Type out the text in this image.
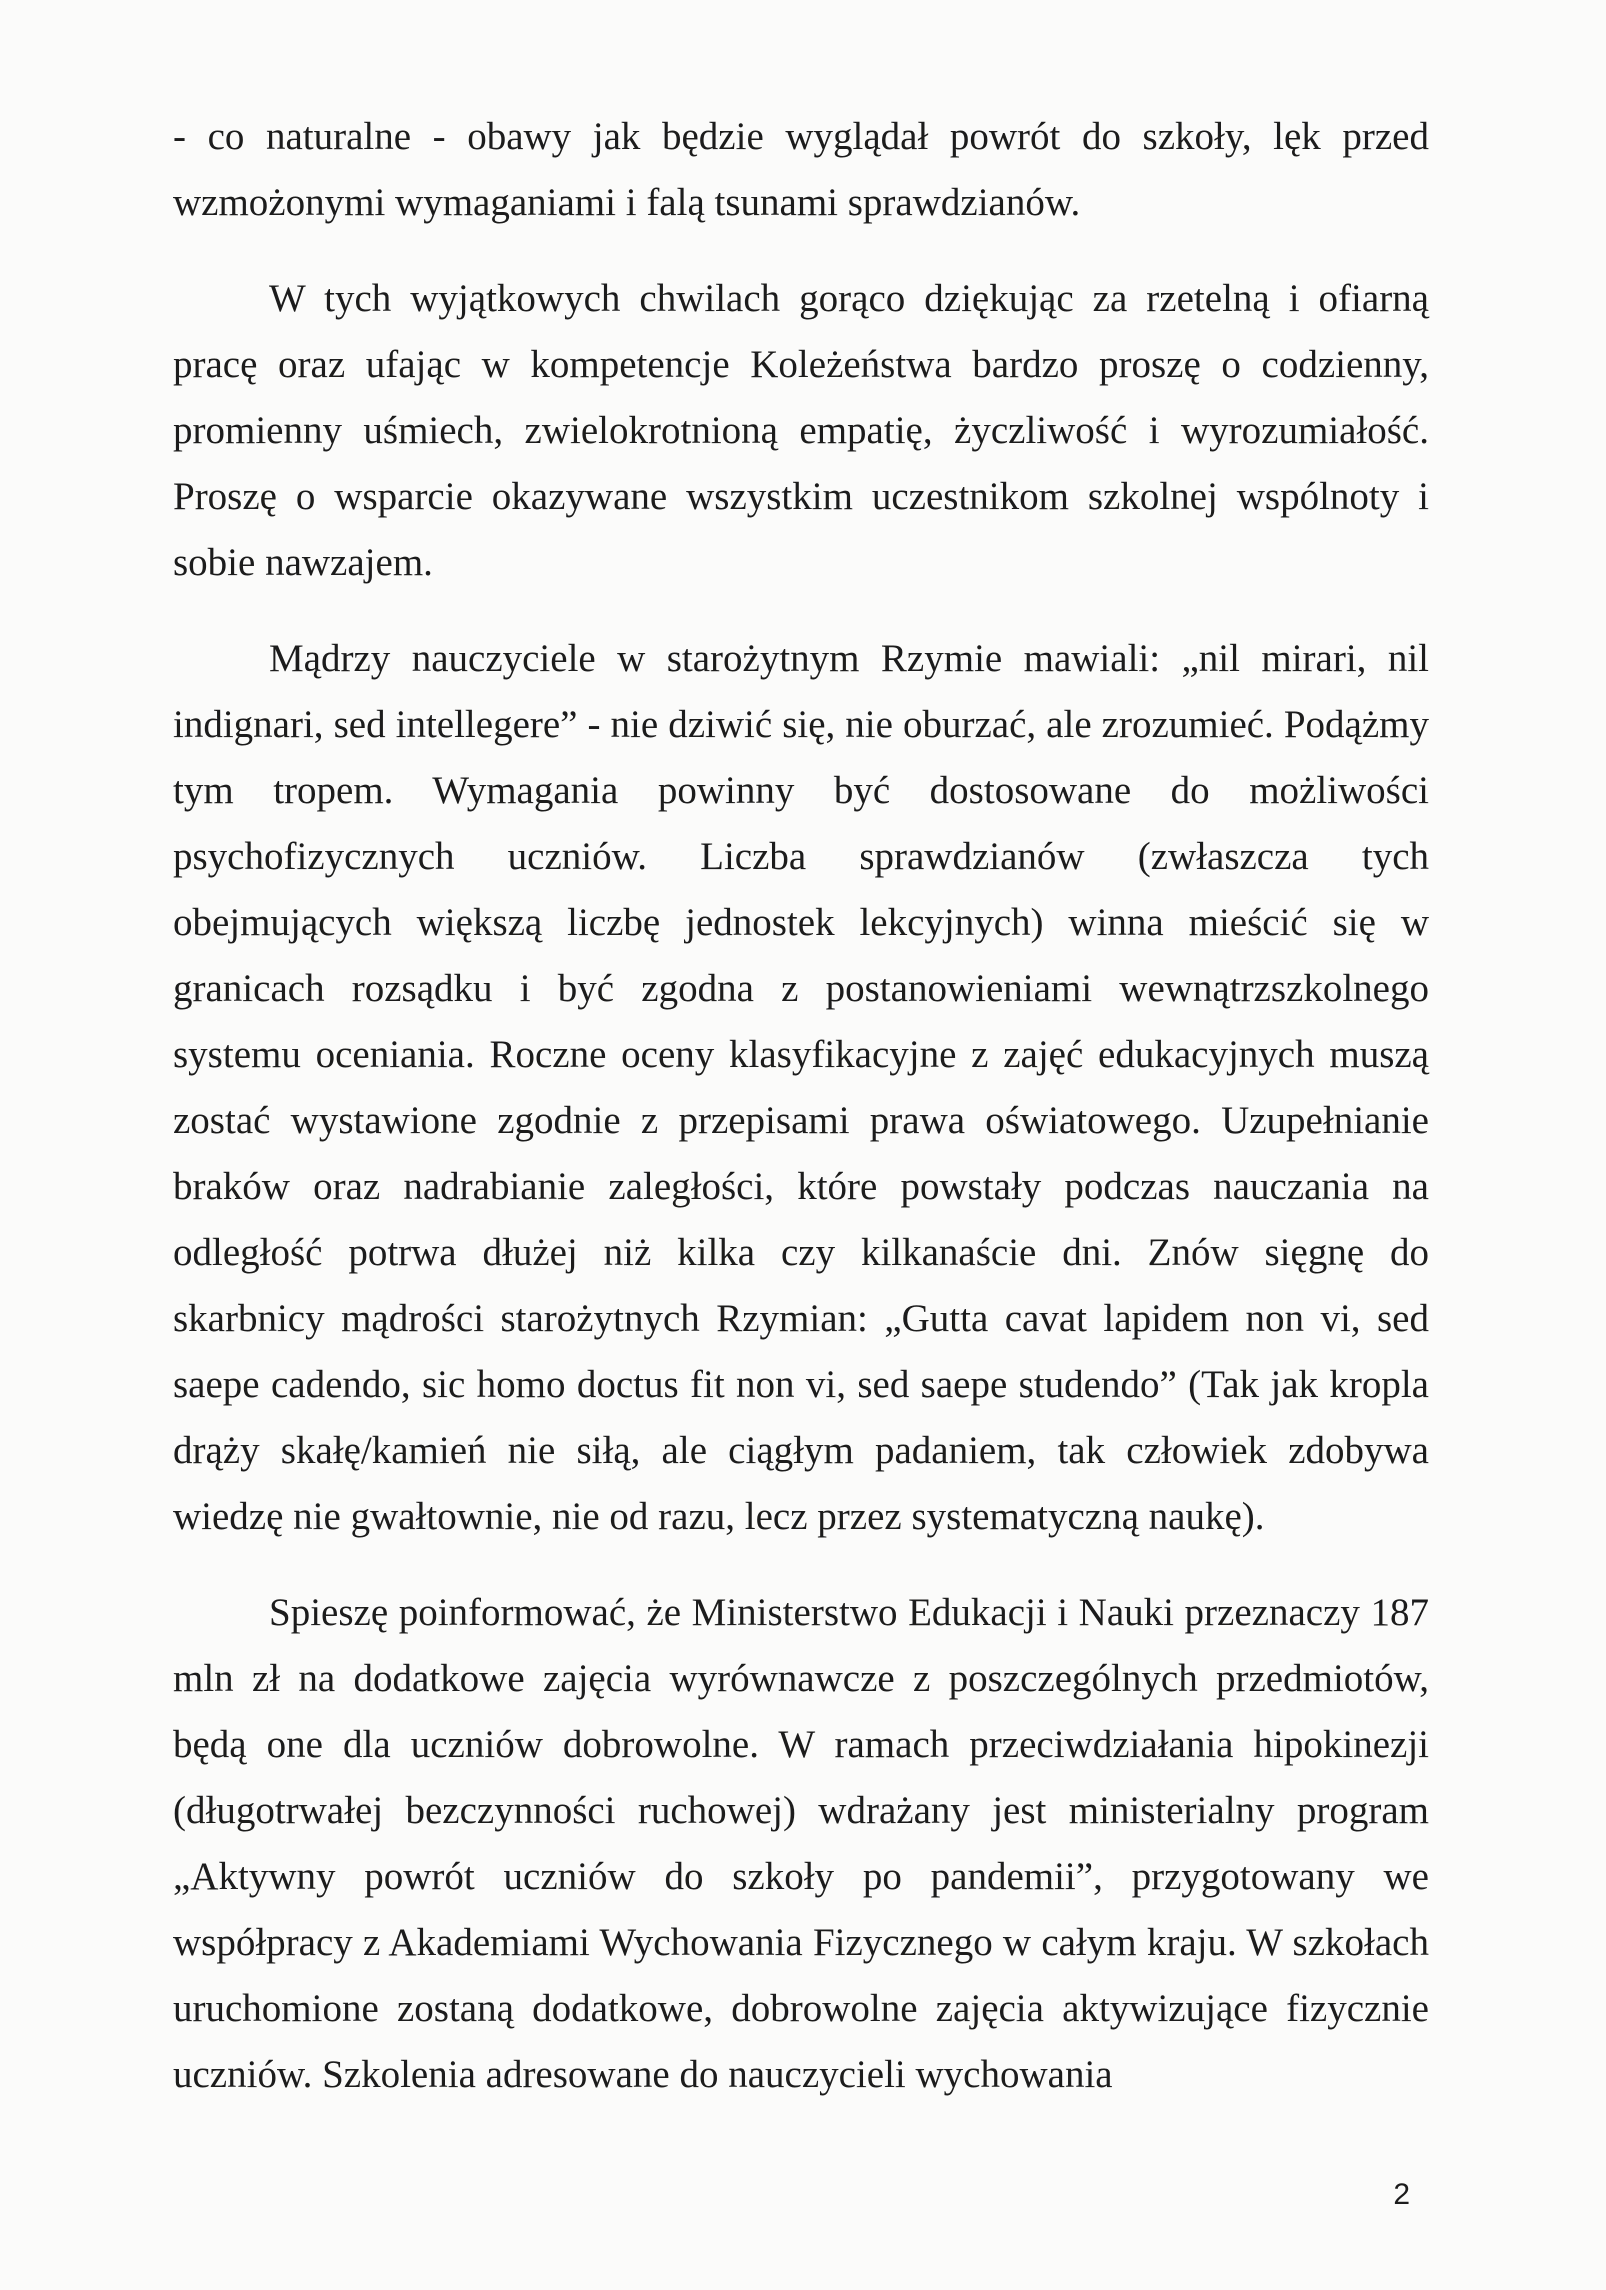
- co naturalne - obawy jak będzie wyglądał powrót do szkoły, lęk przed wzmożonymi wymaganiami i falą tsunami sprawdzianów.

W tych wyjątkowych chwilach gorąco dziękując za rzetelną i ofiarną pracę oraz ufając w kompetencje Koleżeństwa bardzo proszę o codzienny, promienny uśmiech, zwielokrotnioną empatię, życzliwość i wyrozumiałość. Proszę o wsparcie okazywane wszystkim uczestnikom szkolnej wspólnoty i sobie nawzajem.

Mądrzy nauczyciele w starożytnym Rzymie mawiali: „nil mirari, nil indignari, sed intellegere” - nie dziwić się, nie oburzać, ale zrozumieć. Podążmy tym tropem. Wymagania powinny być dostosowane do możliwości psychofizycznych uczniów. Liczba sprawdzianów (zwłaszcza tych obejmujących większą liczbę jednostek lekcyjnych) winna mieścić się w granicach rozsądku i być zgodna z postanowieniami wewnątrzszkolnego systemu oceniania. Roczne oceny klasyfikacyjne z zajęć edukacyjnych muszą zostać wystawione zgodnie z przepisami prawa oświatowego. Uzupełnianie braków oraz nadrabianie zaległości, które powstały podczas nauczania na odległość potrwa dłużej niż kilka czy kilkanaście dni. Znów sięgnę do skarbnicy mądrości starożytnych Rzymian: „Gutta cavat lapidem non vi, sed saepe cadendo, sic homo doctus fit non vi, sed saepe studendo” (Tak jak kropla drąży skałę/kamień nie siłą, ale ciągłym padaniem, tak człowiek zdobywa wiedzę nie gwałtownie, nie od razu, lecz przez systematyczną naukę).

Spieszę poinformować, że Ministerstwo Edukacji i Nauki przeznaczy 187 mln zł na dodatkowe zajęcia wyrównawcze z poszczególnych przedmiotów, będą one dla uczniów dobrowolne. W ramach przeciwdziałania hipokinezji (długotrwałej bezczynności ruchowej) wdrażany jest ministerialny program „Aktywny powrót uczniów do szkoły po pandemii”, przygotowany we współpracy z Akademiami Wychowania Fizycznego w całym kraju. W szkołach uruchomione zostaną dodatkowe, dobrowolne zajęcia aktywizujące fizycznie uczniów. Szkolenia adresowane do nauczycieli wychowania

2
